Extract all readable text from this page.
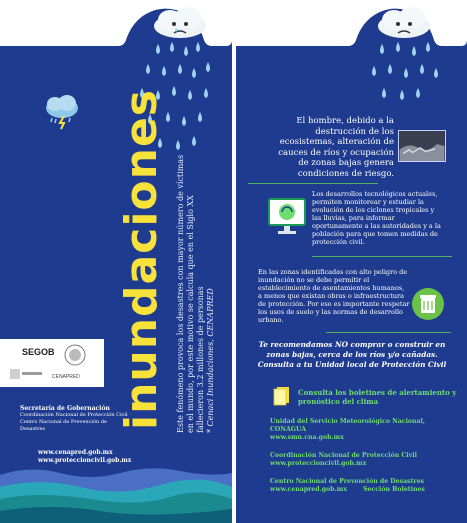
Este fenómeno provoca los desastres con mayor número de víctimas en el mundo, por este motivo se calcula que en el Siglo XX fallecieron 3.2 millones de personas
* Cenaci Inundaciones, CENAPRED
inundaciones
SEGOB
CENAPRED
Secretaría de Gobernación
Coordinación Nacional de Protección Civil
Centro Nacional de Prevención de Desastres
www.cenapred.gob.mx
www.proteccioncivil.gob.mx
El hombre, debido a la destrucción de los ecosistemas, alteración de cauces de ríos y ocupación de zonas bajas genera condiciones de riesgo.
Los desarrollos tecnológicos actuales, permiten monitorear y estudiar la evolución de los ciclones tropicales y las lluvias, para informar oportunamente a las autoridades y a la población para que tomen medidas de protección civil.
En las zonas identificadas con alto peligro de inundación no se debe permitir el establecimiento de asentamientos humanos, a menos que existan obras o infraestructura de protección. Por eso es importante respetar los usos de suelo y las normas de desarrollo urbano.
Te recomendamos NO comprar o construir en zonas bajas, cerca de los ríos y/o cañadas. Consulta a tu Unidad local de Protección Civil
Consulta los boletines de alertamiento y pronóstico del clima
Unidad del Servicio Meteorológico Nacional,
CONAGUA
www.smn.cna.gob.mx
Coordinación Nacional de Protección Civil
www.proteccioncivil.gob.mx
Centro Nacional de Prevención de Desastres
www.cenapred.gob.mx	Sección Boletines
